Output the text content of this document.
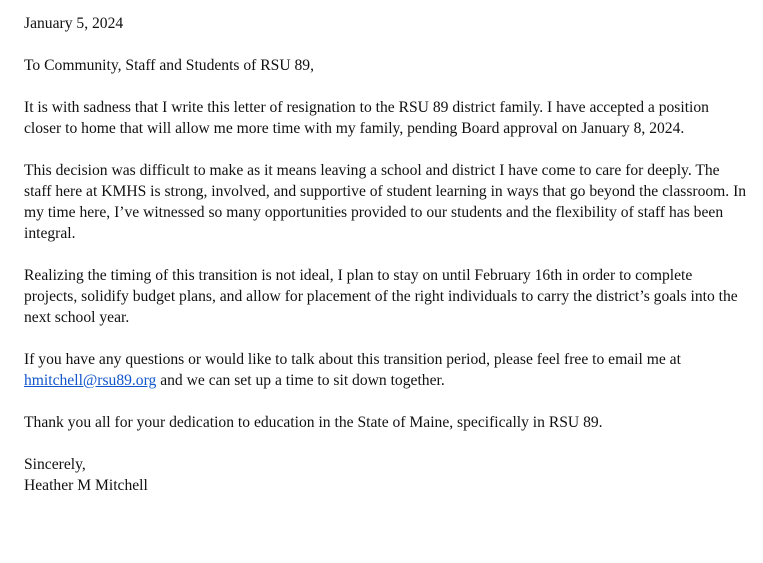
January 5, 2024

To Community, Staff and Students of RSU 89,

It is with sadness that I write this letter of resignation to the RSU 89 district family. I have accepted a position closer to home that will allow me more time with my family, pending Board approval on January 8, 2024.

This decision was difficult to make as it means leaving a school and district I have come to care for deeply. The staff here at KMHS is strong, involved, and supportive of student learning in ways that go beyond the classroom. In my time here, I’ve witnessed so many opportunities provided to our students and the flexibility of staff has been integral.

Realizing the timing of this transition is not ideal, I plan to stay on until February 16th in order to complete projects, solidify budget plans, and allow for placement of the right individuals to carry the district’s goals into the next school year.

If you have any questions or would like to talk about this transition period, please feel free to email me at
hmitchell@rsu89.org and we can set up a time to sit down together.

Thank you all for your dedication to education in the State of Maine, specifically in RSU 89.

Sincerely,

Heather M Mitchell
